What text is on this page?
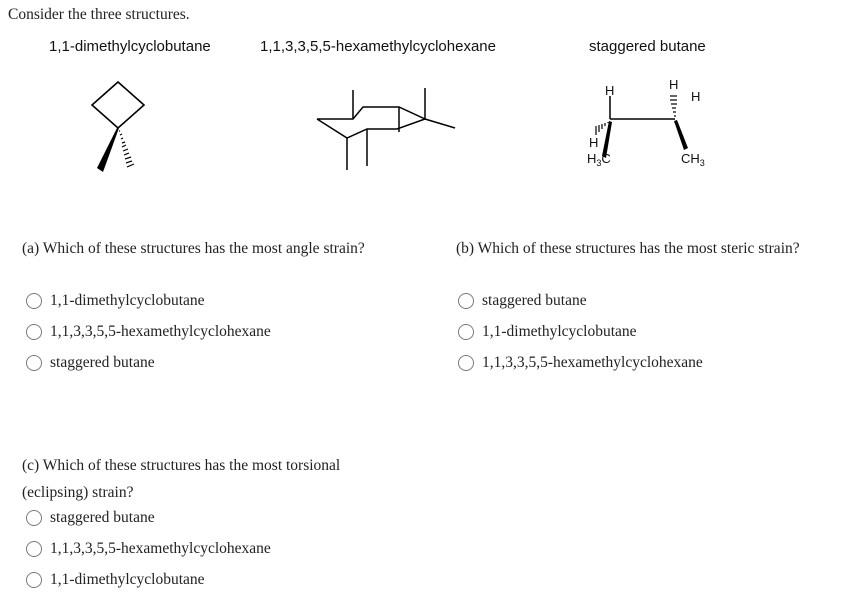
Consider the three structures.
1,1-dimethylcyclobutane	1,1,3,3,5,5-hexamethylcyclohexane	staggered butane
H	H
H
H
$H_3C$	$CH_3$
(a) Which of these structures has the most angle strain?
1,1-dimethylcyclobutane
1,1,3,3,5,5-hexamethylcyclohexane
staggered butane
(b) Which of these structures has the most steric strain?
staggered butane
1,1-dimethylcyclobutane
1,1,3,3,5,5-hexamethylcyclohexane
(c) Which of these structures has the most torsional
(eclipsing) strain?
staggered butane
1,1,3,3,5,5-hexamethylcyclohexane
1,1-dimethylcyclobutane
